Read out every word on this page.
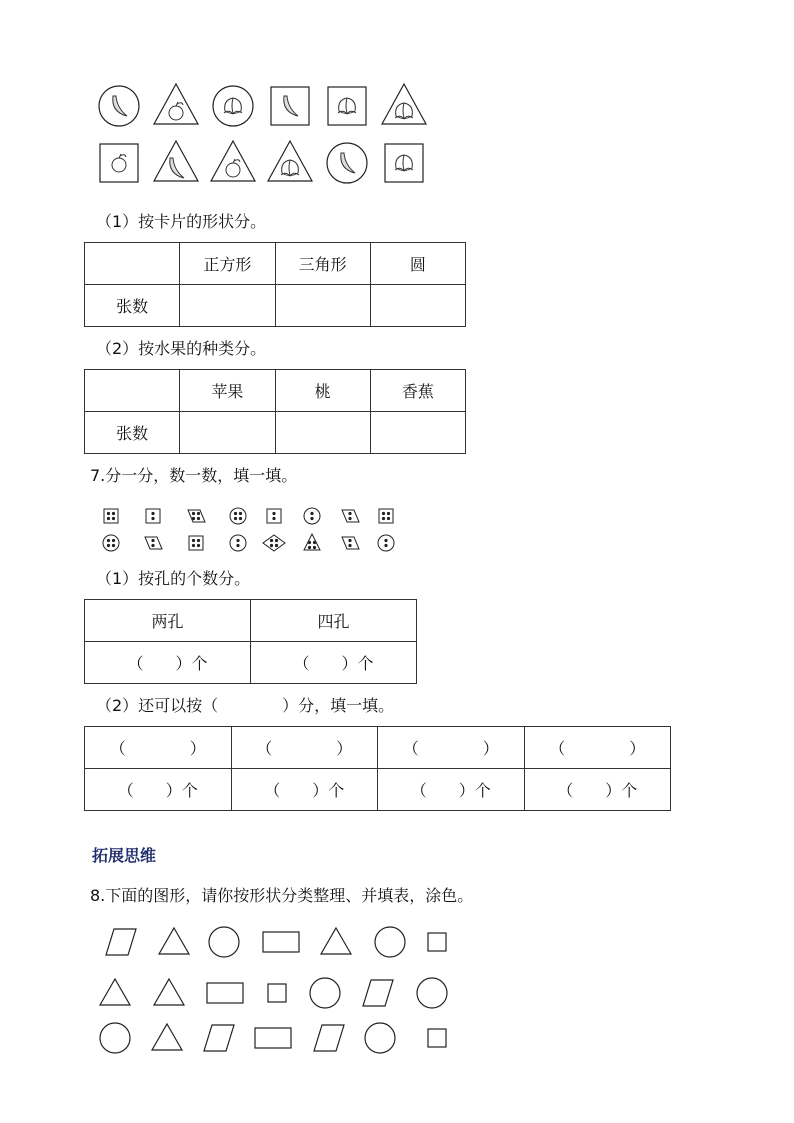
（1）按卡片的形状分。
	正方形	三角形	圆
张数			
（2）按水果的种类分。
	苹果	桃	香蕉
张数			
7.分一分，数一数，填一填。
（1）按孔的个数分。
两孔	四孔
（　　）个	（　　）个
（2）还可以按（　　　　）分，填一填。
（　　　　）	（　　　　）	（　　　　）	（　　　　）
（　　）个	（　　）个	（　　）个	（　　）个
拓展思维
8.下面的图形，请你按形状分类整理、并填表，涂色。
